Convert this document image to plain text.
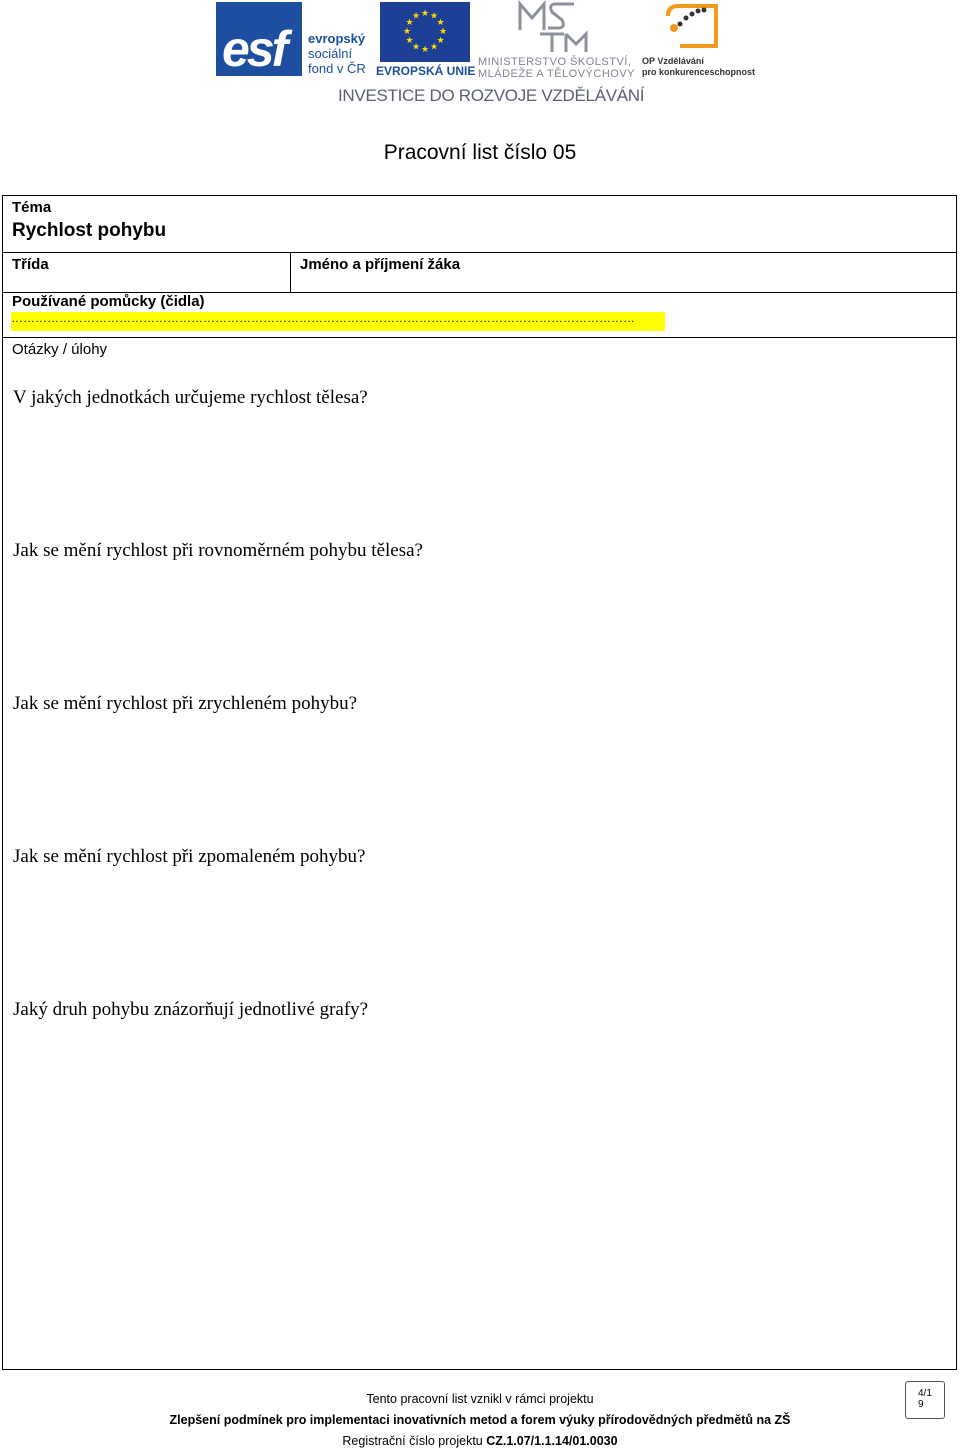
esf evropský
sociální
fond v ČR
★ ★
★
★
★
★
★
★
★
★
★
★
EVROPSKÁ UNIE
MINISTERSTVO ŠKOLSTVÍ,
MLÁDEŽE A TĚLOVÝCHOVY
OP Vzdělávání
pro konkurenceschopnost
INVESTICE DO ROZVOJE VZDĚLÁVÁNÍ
Pracovní list číslo 05
Téma
Rychlost pohybu
Třída	Jméno a příjmení žáka
Používané pomůcky (čidla)
…………………………………………………………………………………………………………………………………………
Otázky / úlohy
V jakých jednotkách určujeme rychlost tělesa?
Jak se mění rychlost při rovnoměrném pohybu tělesa?
Jak se mění rychlost při zrychleném pohybu?
Jak se mění rychlost při zpomaleném pohybu?
Jaký druh pohybu znázorňují jednotlivé grafy?
Tento pracovní list vznikl v rámci projektu
Zlepšení podmínek pro implementaci inovativních metod a forem výuky přírodovědných předmětů na ZŠ
Registrační číslo projektu CZ.1.07/1.1.14/01.0030
4/1
9
